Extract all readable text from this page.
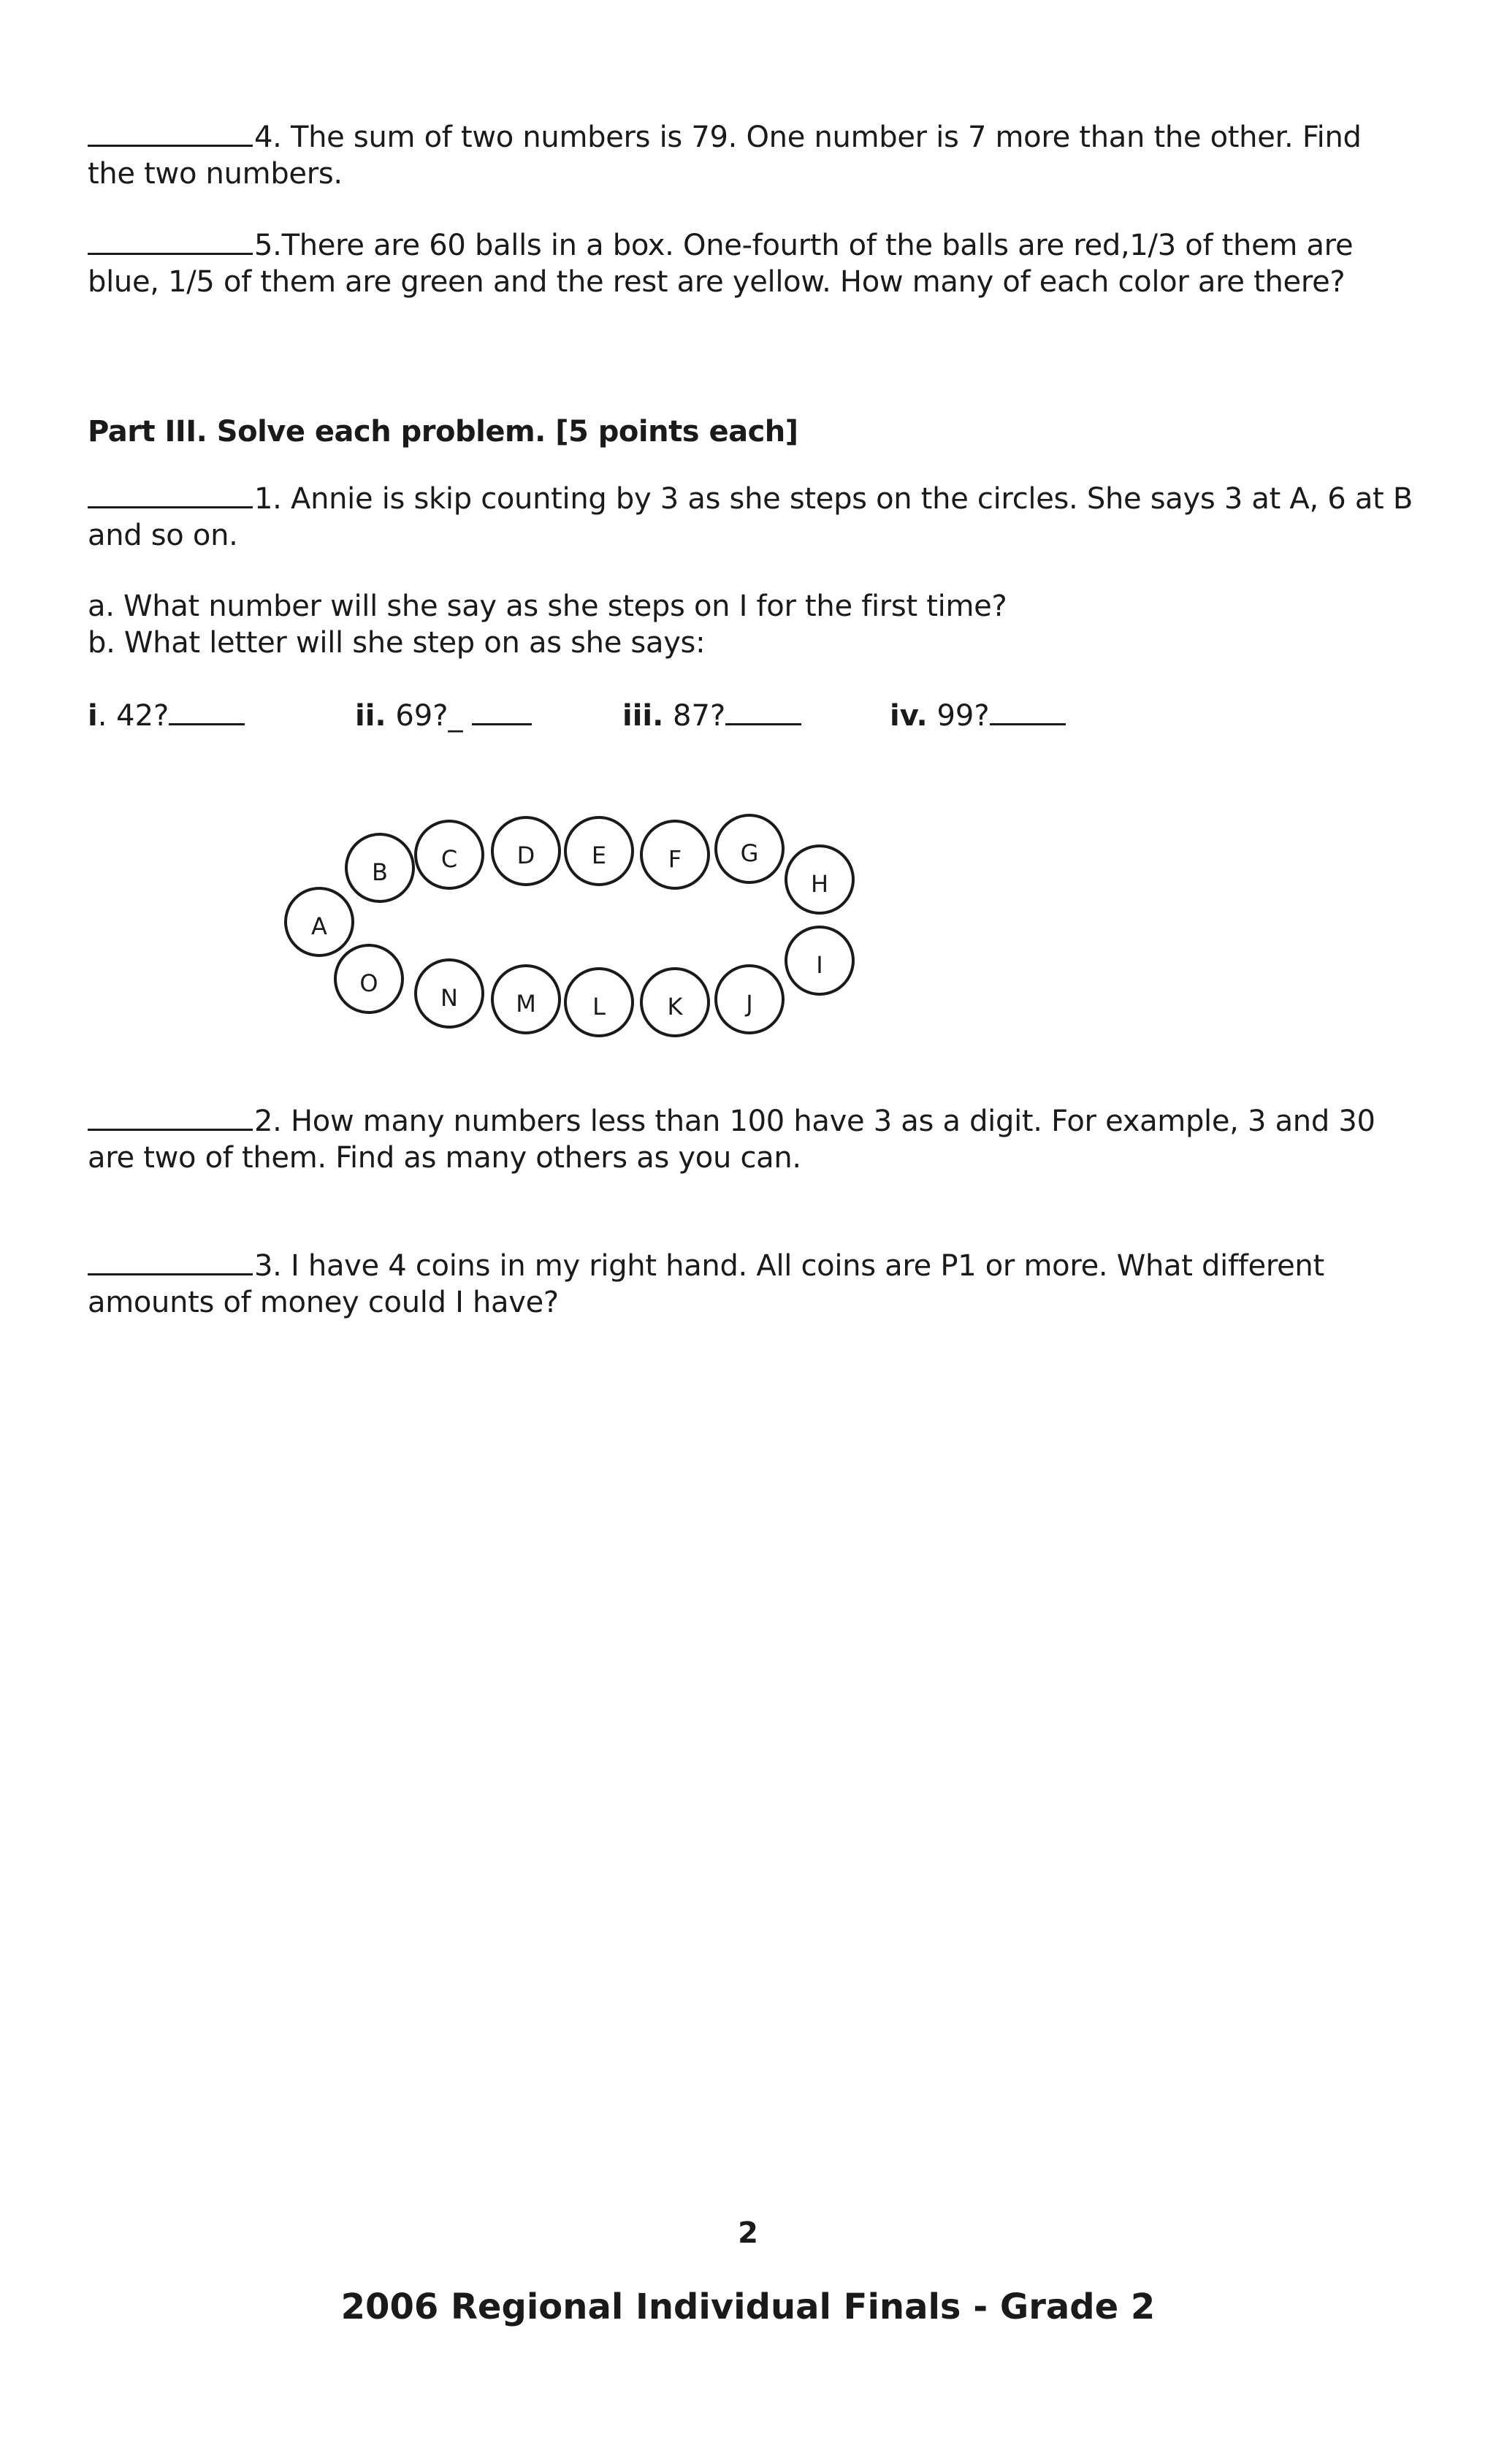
4. The sum of two numbers is 79. One number is 7 more than the other. Find the two numbers.
5.There are 60 balls in a box. One-fourth of the balls are red,1/3 of them are blue, 1/5 of them are green and the rest are yellow. How many of each color are there?
Part III. Solve each problem. [5 points each]
1. Annie is skip counting by 3 as she steps on the circles. She says 3 at A, 6 at B and so on.
a. What number will she say as she steps on I for the first time?
b. What letter will she step on as she says:
i. 42?	ii. 69?_	iii. 87?	iv. 99?
A
B C	D E	F	G
H
I
J
K
L
M
N
O
2. How many numbers less than 100 have 3 as a digit. For example, 3 and 30 are two of them. Find as many others as you can.
3. I have 4 coins in my right hand. All coins are P1 or more. What different amounts of money could I have?
2
2006 Regional Individual Finals - Grade 2
